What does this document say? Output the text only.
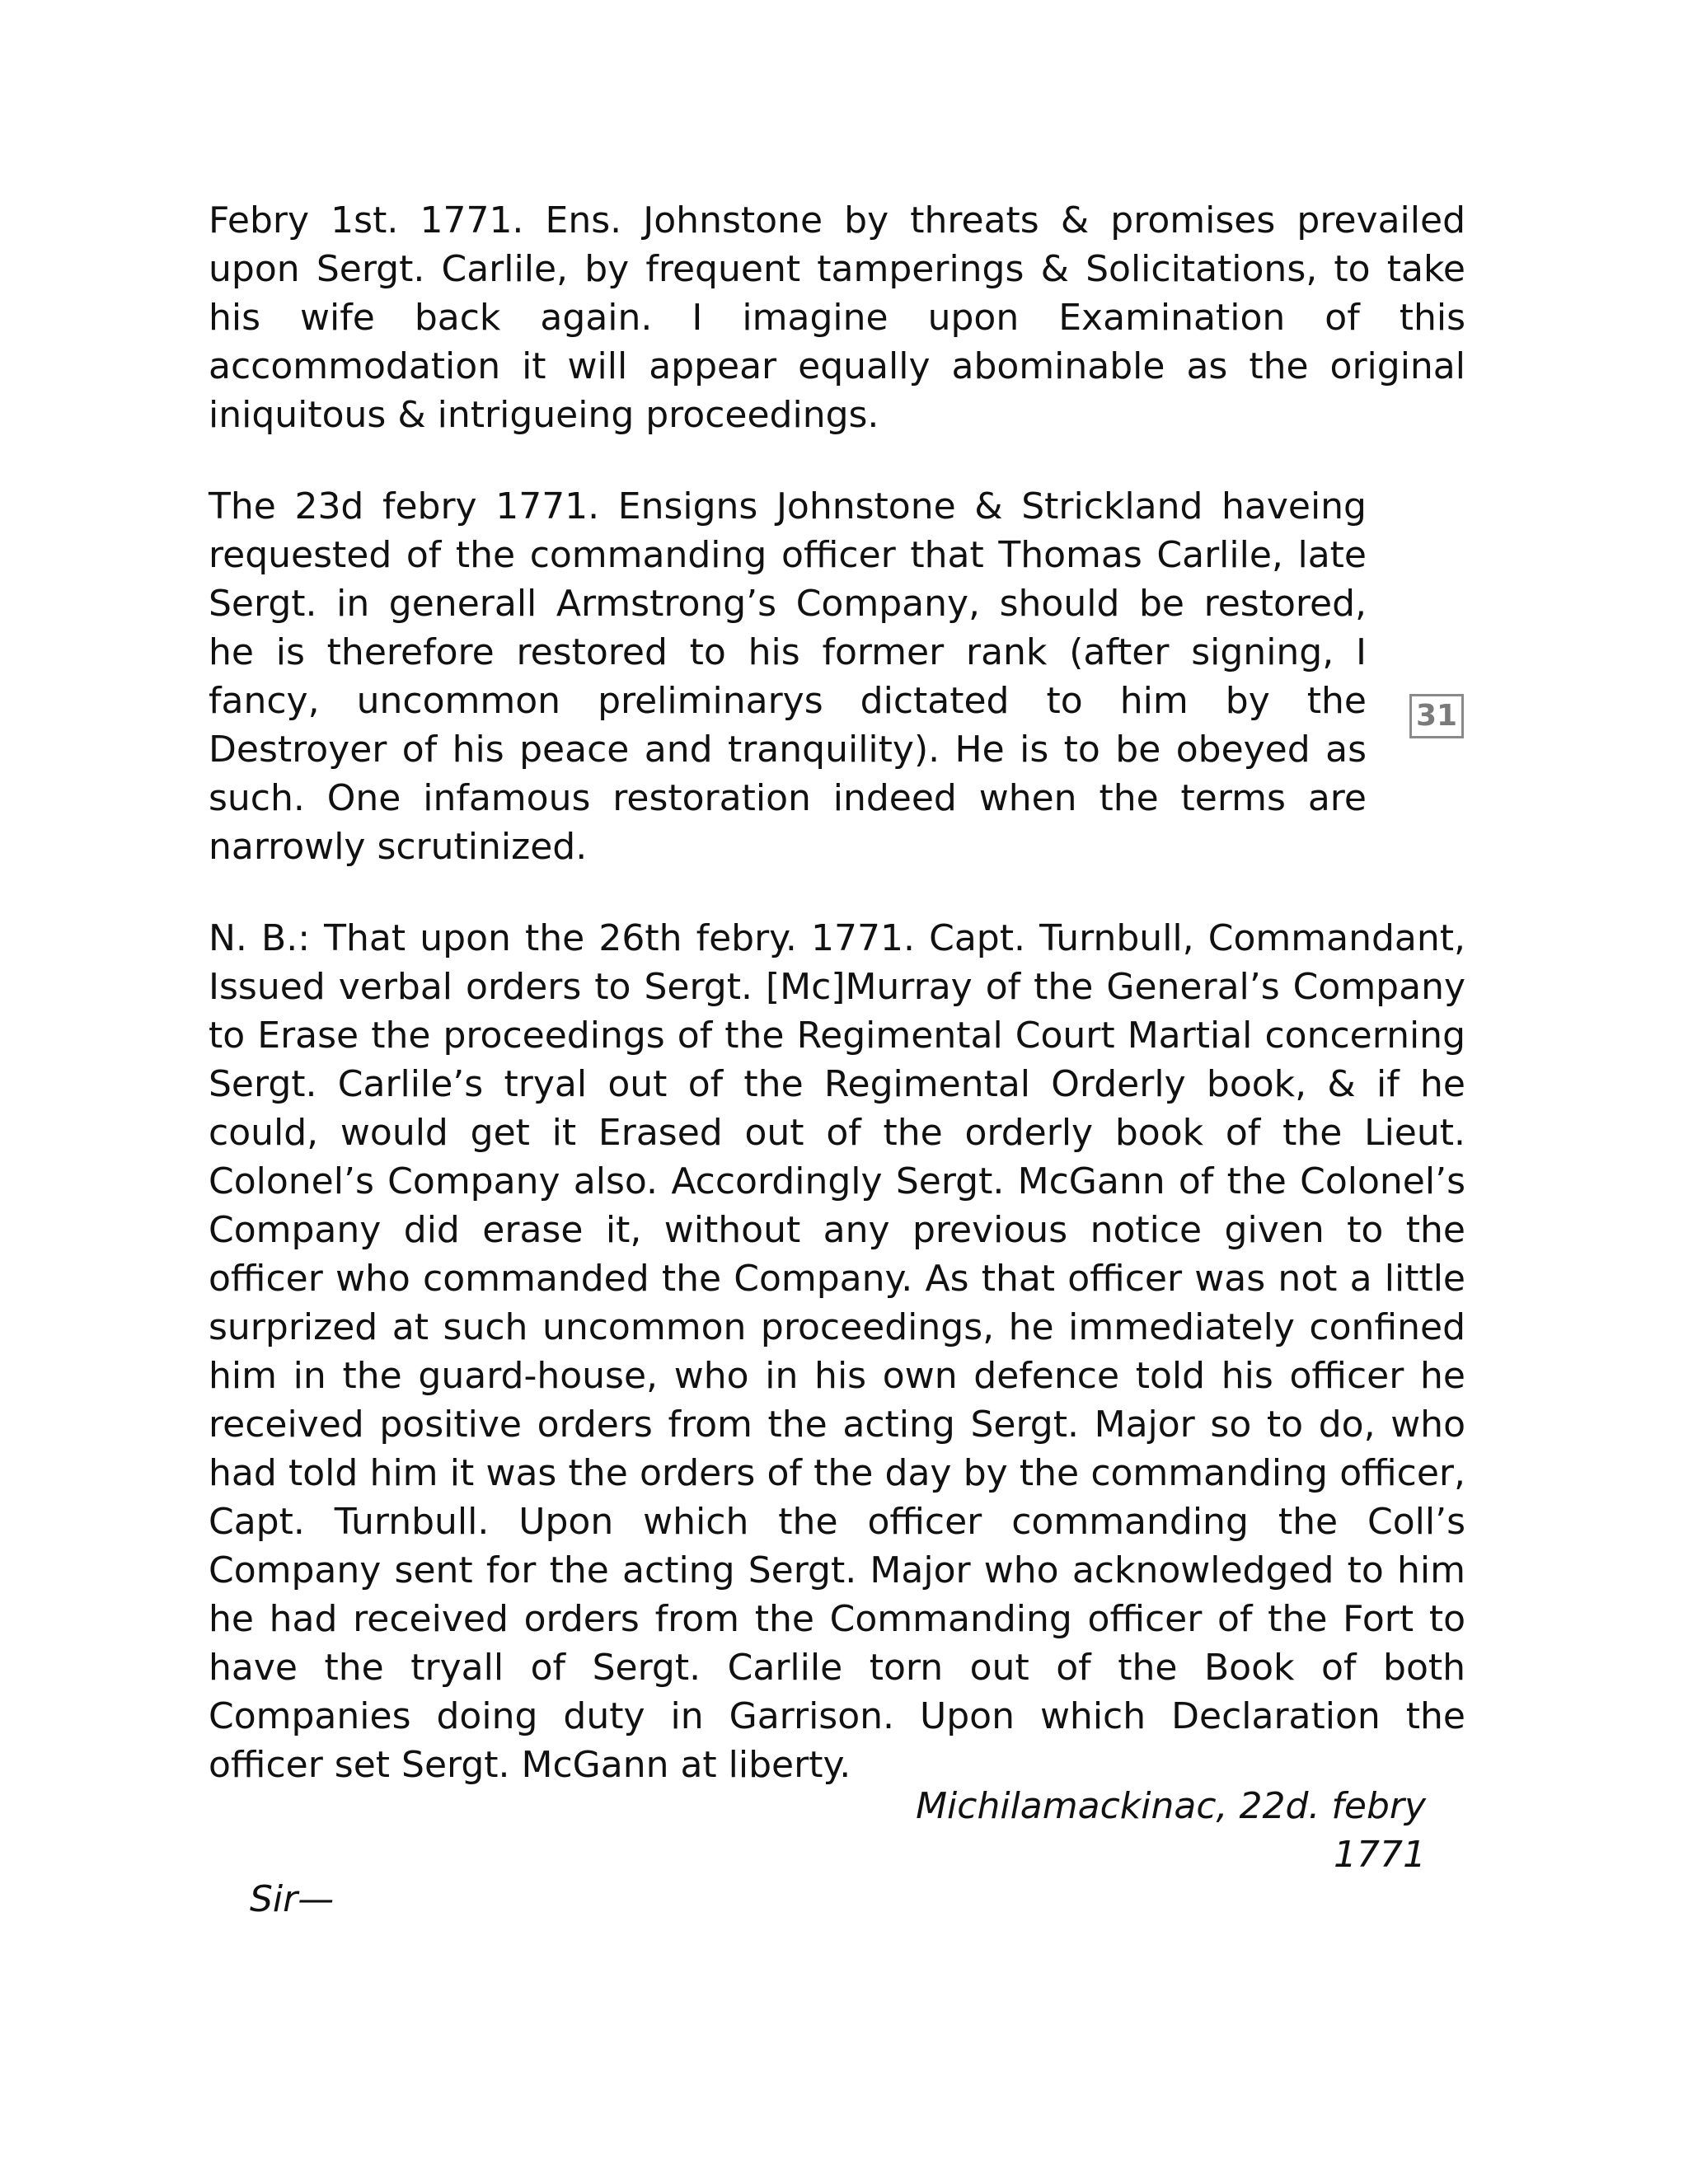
Febry 1st. 1771. Ens. Johnstone by threats & promises prevailed upon Sergt. Carlile, by frequent tamperings & Solicitations, to take his wife back again. I imagine upon Examination of this accommodation it will appear equally abominable as the original iniquitous & intrigueing proceedings.

The 23d febry 1771. Ensigns Johnstone & Strickland haveing requested of the commanding officer that Thomas Carlile, late Sergt. in generall Armstrong’s Company, should be restored, he is therefore restored to his former rank (after signing, I fancy, uncommon preliminarys dictated to him by the Destroyer of his peace and tranquility). He is to be obeyed as such. One infamous restoration indeed when the terms are narrowly scrutinized.

N. B.: That upon the 26th febry. 1771. Capt. Turnbull, Commandant, Issued verbal orders to Sergt. [Mc]Murray of the General’s Company to Erase the proceedings of the Regimental Court Martial concerning Sergt. Carlile’s tryal out of the Regimental Orderly book, & if he could, would get it Erased out of the orderly book of the Lieut. Colonel’s Company also. Accordingly Sergt. McGann of the Colonel’s Company did erase it, without any previous notice given to the officer who commanded the Company. As that officer was not a little surprized at such uncommon proceedings, he immediately confined him in the guard-house, who in his own defence told his officer he received positive orders from the acting Sergt. Major so to do, who had told him it was the orders of the day by the commanding officer, Capt. Turnbull. Upon which the officer commanding the Coll’s Company sent for the acting Sergt. Major who acknowledged to him he had received orders from the Commanding officer of the Fort to have the tryall of Sergt. Carlile torn out of the Book of both Companies doing duty in Garrison. Upon which Declaration the officer set Sergt. McGann at liberty.

31
Michilamackinac, 22d. febry 1771
Sir—
